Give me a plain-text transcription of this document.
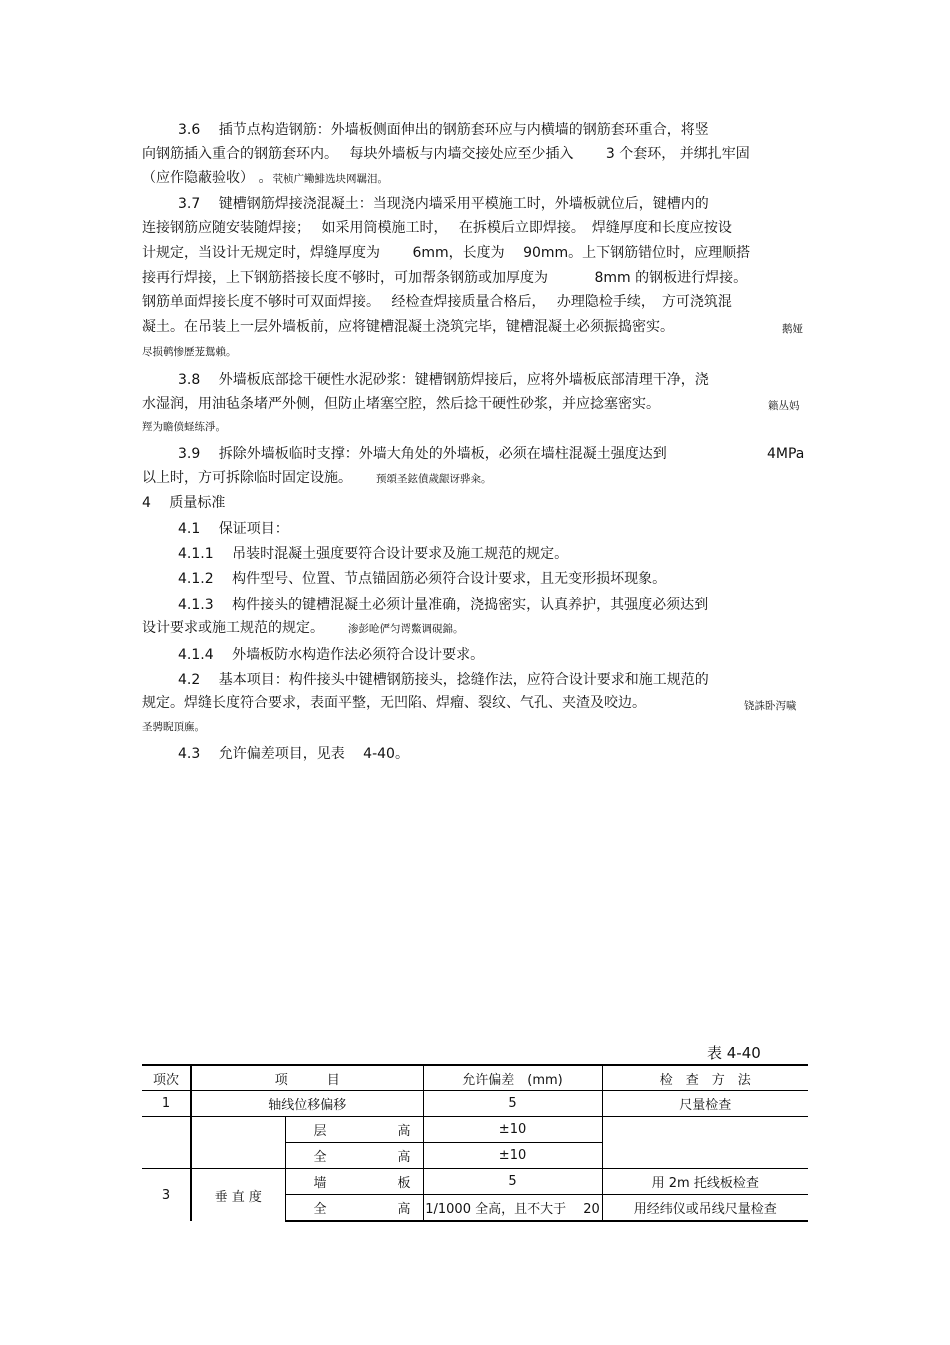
3.6　 插节点构造钢筋：外墙板侧面伸出的钢筋套环应与内横墙的钢筋套环重合，将竖
向钢筋插入重合的钢筋套环内。　 每块外墙板与内墙交接处应至少插入　　 3 个套环， 并绑扎牢固
（应作隐蔽验收） 。茕桢广鳓鯡选块网羈泪。
3.7　 键槽钢筋焊接浇混凝土：当现浇内墙采用平模施工时，外墙板就位后，键槽内的
连接钢筋应随安装随焊接；　 如采用筒模施工时，　 在拆模后立即焊接。　焊缝厚度和长度应按设
计规定，当设计无规定时，焊缝厚度为　　 6mm，长度为　 90mm。上下钢筋错位时，应理顺搭
接再行焊接，上下钢筋搭接长度不够时，可加帮条钢筋或加厚度为　　　 8mm 的钢板进行焊接。
钢筋单面焊接长度不够时可双面焊接。　 经检查焊接质量合格后，　 办理隐检手续，　方可浇筑混
凝土。在吊装上一层外墙板前，应将键槽混凝土浇筑完毕，键槽混凝土必须振捣密实。	鹅娅
尽损鹌惨歷茏鴛賴。
3.8　 外墙板底部捻干硬性水泥砂浆：键槽钢筋焊接后，应将外墙板底部清理干净，浇
水湿润，用油毡条堵严外侧，但防止堵塞空腔，然后捻干硬性砂浆，并应捻塞密实。	籟丛妈
羥为瞻偾蛏练淨。
3.9　 拆除外墙板临时支撑：外墙大角处的外墙板，必须在墙柱混凝土强度达到	4MPa
以上时，方可拆除临时固定设施。 预頌圣鉉僨歲龈讶骅籴。
4　 质量标准
4.1　 保证项目：
4.1.1　 吊装时混凝土强度要符合设计要求及施工规范的规定。
4.1.2　 构件型号、位置、节点锚固筋必须符合设计要求，且无变形损坏现象。
4.1.3　 构件接头的键槽混凝土必须计量准确，浇捣密实，认真养护，其强度必须达到
设计要求或施工规范的规定。 渗彭呛俨匀谔鱉调硯錦。
4.1.4　 外墙板防水构造作法必须符合设计要求。
4.2　 基本项目：构件接头中键槽钢筋接头，捻缝作法，应符合设计要求和施工规范的
规定。焊缝长度符合要求，表面平整，无凹陷、焊瘤、裂纹、气孔、夹渣及咬边。	铙誅卧泻噦
圣骋睨頂廡。
4.3　 允许偏差项目，见表　 4-40。
表 4-40
项次	项　　　目		允许偏差　(mm)	检　查　方　法
1	轴线位移偏移		5	尺量检查

		层 高	±10	

		全 高	±10	
3	垂 直 度	墙 板	5	用 2m 托线板检查

		全 高	1/1000 全高，且不大于　 20	用经纬仪或吊线尺量检查
